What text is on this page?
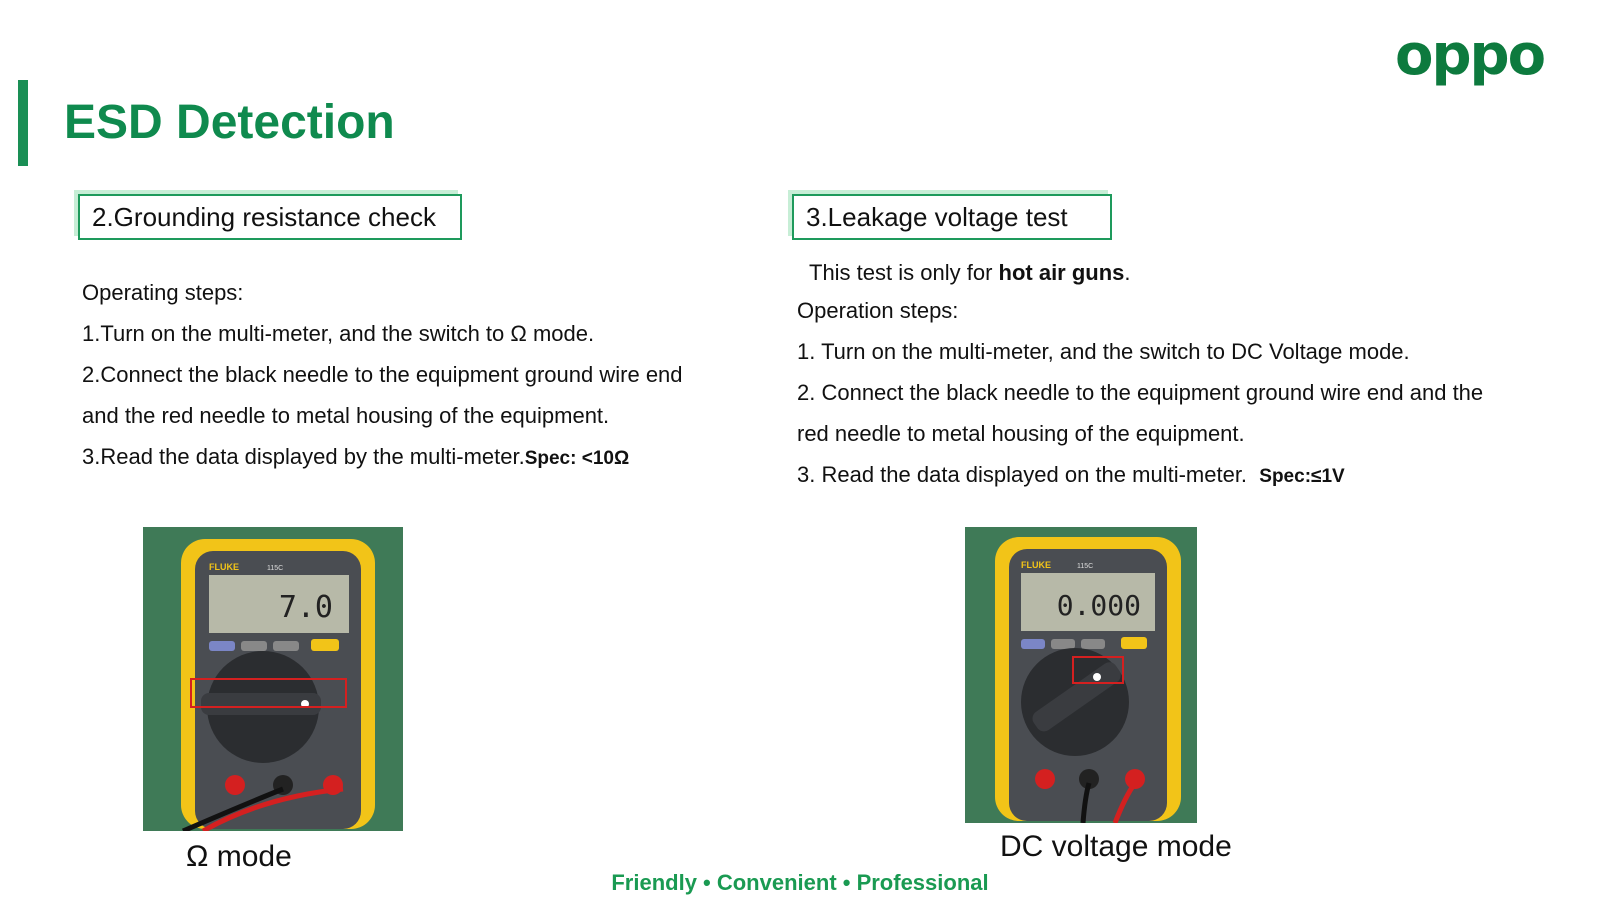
oppo
ESD Detection
2.Grounding resistance check

Operating steps:

1.Turn on the multi-meter, and the switch to Ω mode.

2.Connect the black needle to the equipment ground wire end

and the red needle to metal housing of the equipment.

3.Read the data displayed by the multi-meter.Spec: <10Ω

FLUKE	115C
7.0
Ω mode
3.Leakage voltage test

This test is only for hot air guns.

Operation steps:

1. Turn on the multi-meter, and the switch to DC Voltage mode.

2. Connect the black needle to the equipment ground wire end and the

red needle to metal housing of the equipment.

3. Read the data displayed on the multi-meter. Spec:≤1V

FLUKE	115C
0.000
DC voltage mode
Friendly • Convenient • Professional
